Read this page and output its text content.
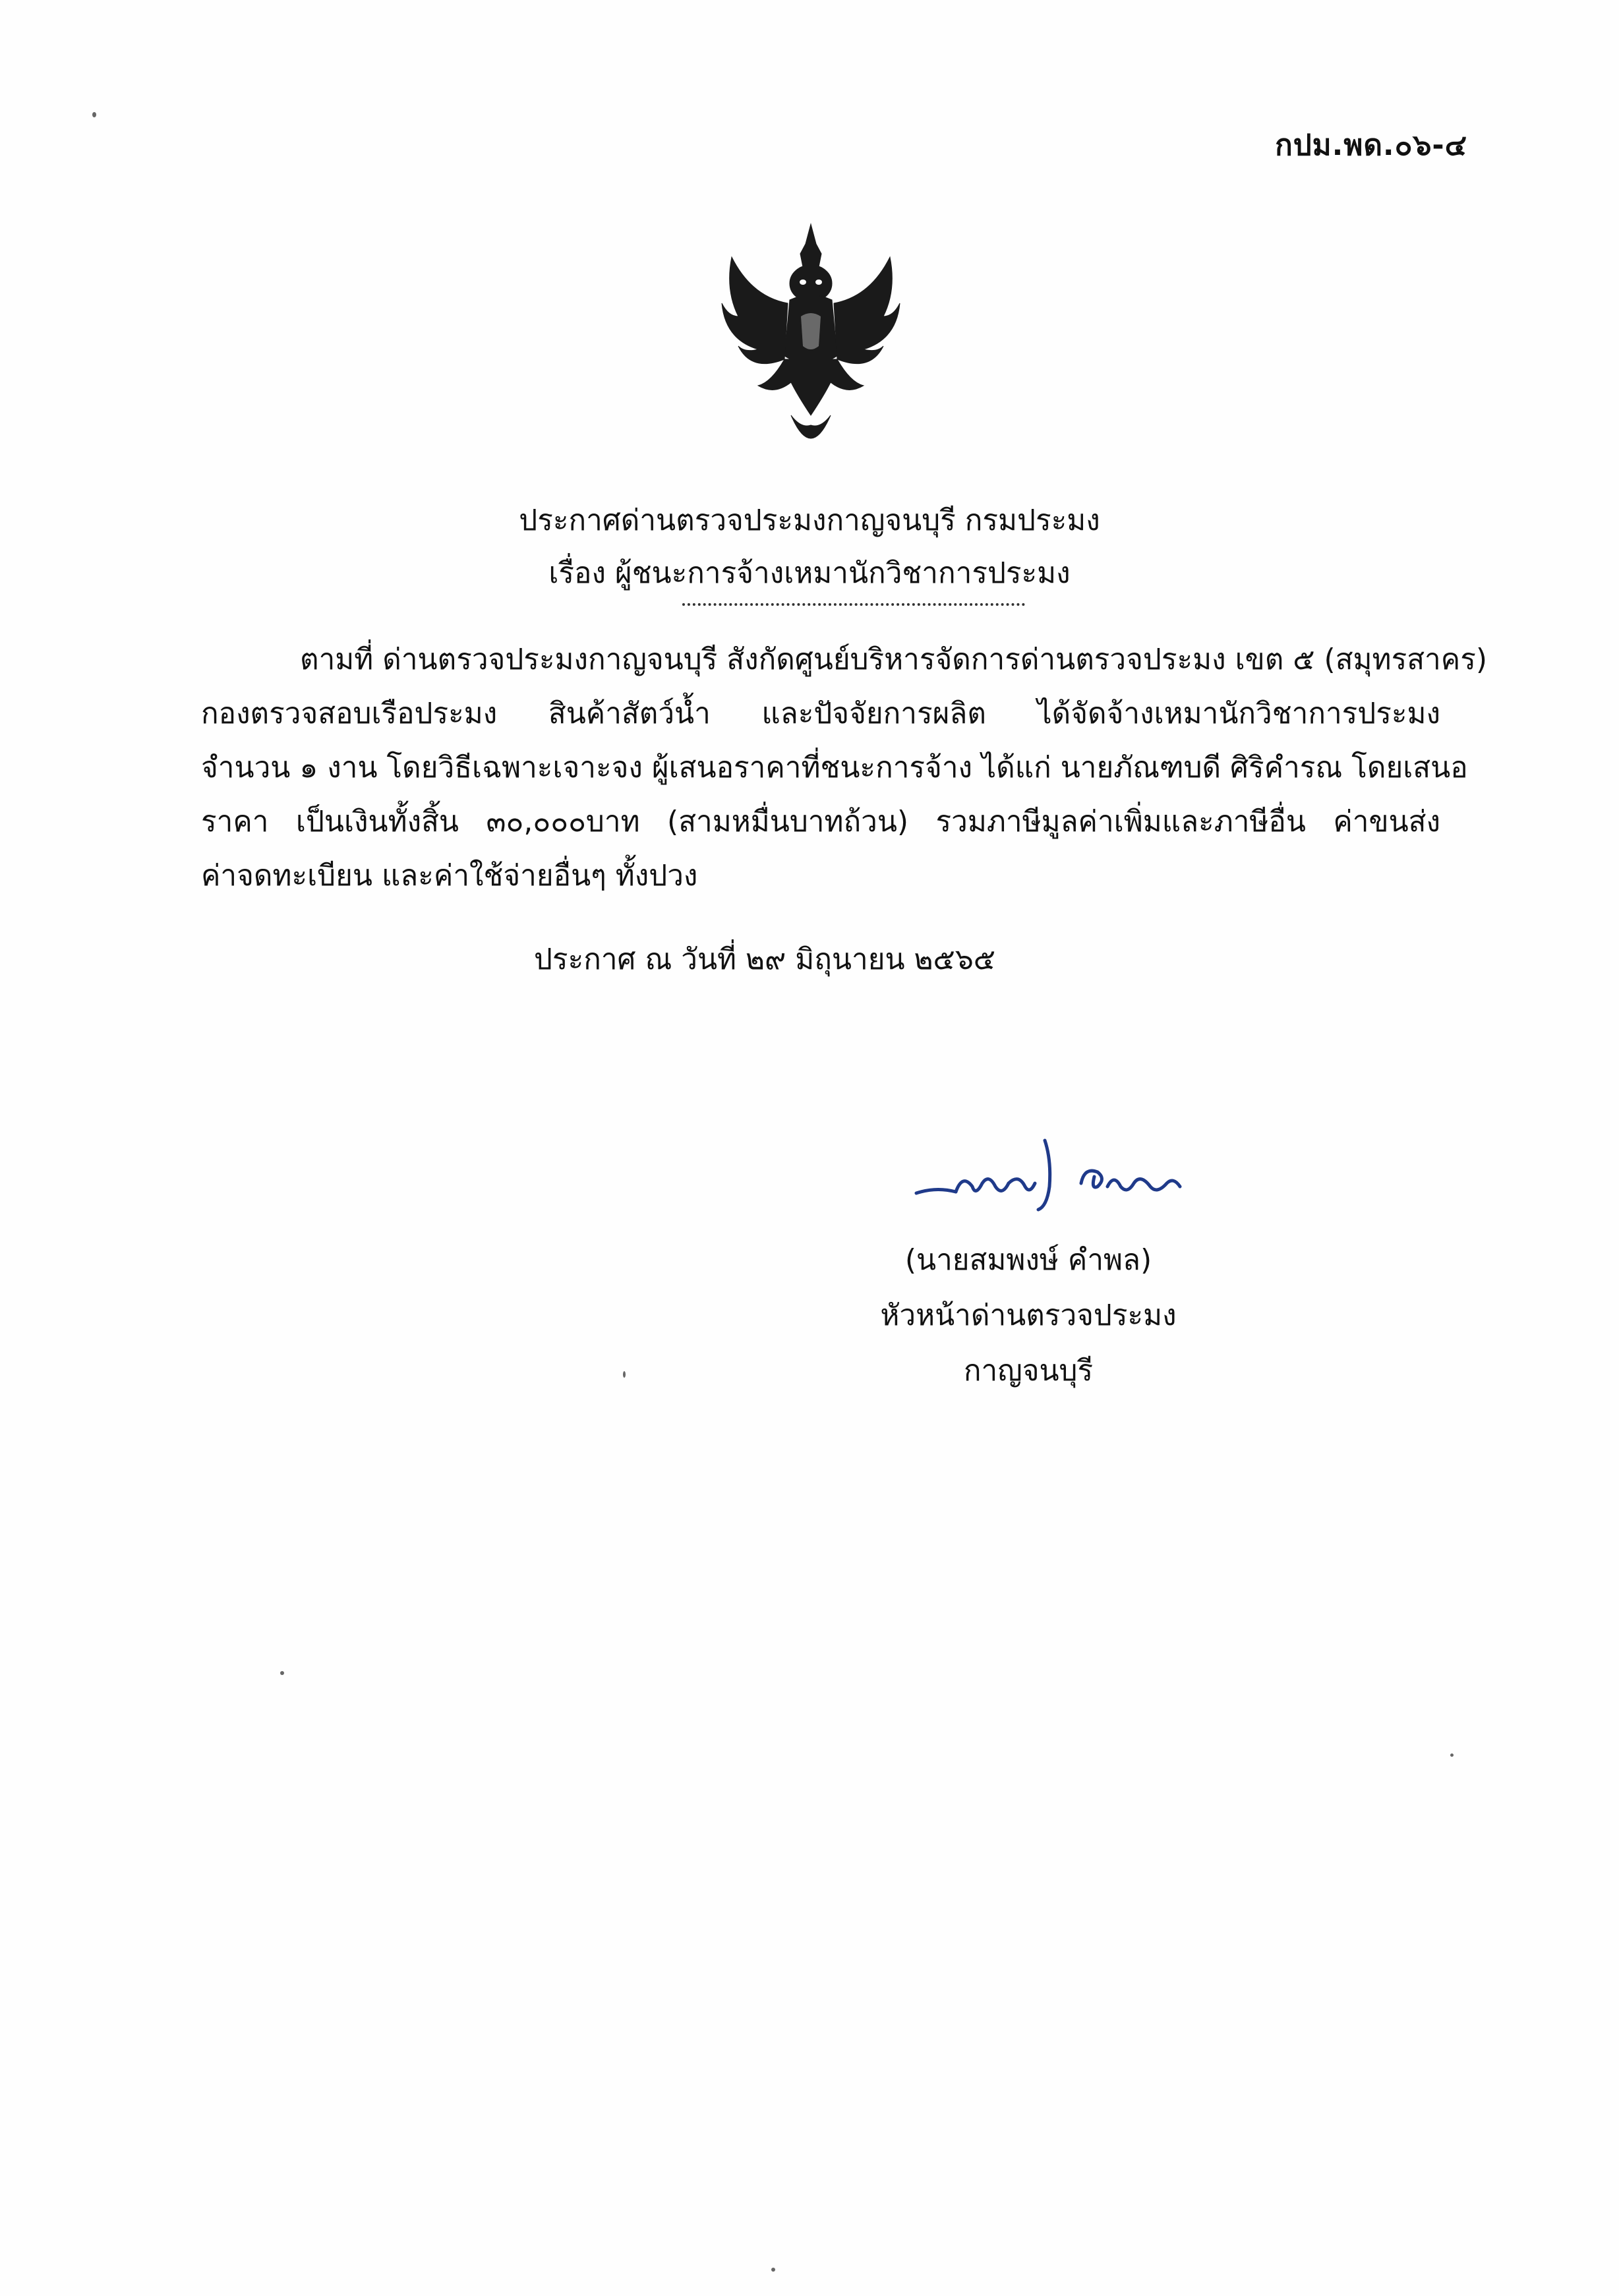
กปม.พด.๐๖-๔
ประกาศด่านตรวจประมงกาญจนบุรี กรมประมง
เรื่อง ผู้ชนะการจ้างเหมานักวิชาการประมง
ตามที่ ด่านตรวจประมงกาญจนบุรี สังกัดศูนย์บริหารจัดการด่านตรวจประมง เขต ๕ (สมุทรสาคร)
กองตรวจสอบเรือประมง สินค้าสัตว์น้ำ และปัจจัยการผลิต ได้จัดจ้างเหมานักวิชาการประมง
จำนวน ๑ งาน โดยวิธีเฉพาะเจาะจง ผู้เสนอราคาที่ชนะการจ้าง ได้แก่ นายภัณฑบดี ศิริคำรณ โดยเสนอ
ราคา เป็นเงินทั้งสิ้น ๓๐,๐๐๐บาท (สามหมื่นบาทถ้วน) รวมภาษีมูลค่าเพิ่มและภาษีอื่น ค่าขนส่ง
ค่าจดทะเบียน และค่าใช้จ่ายอื่นๆ ทั้งปวง
ประกาศ ณ วันที่ ๒๙ มิถุนายน ๒๕๖๕
(นายสมพงษ์ คำพล)
หัวหน้าด่านตรวจประมงกาญจนบุรี
